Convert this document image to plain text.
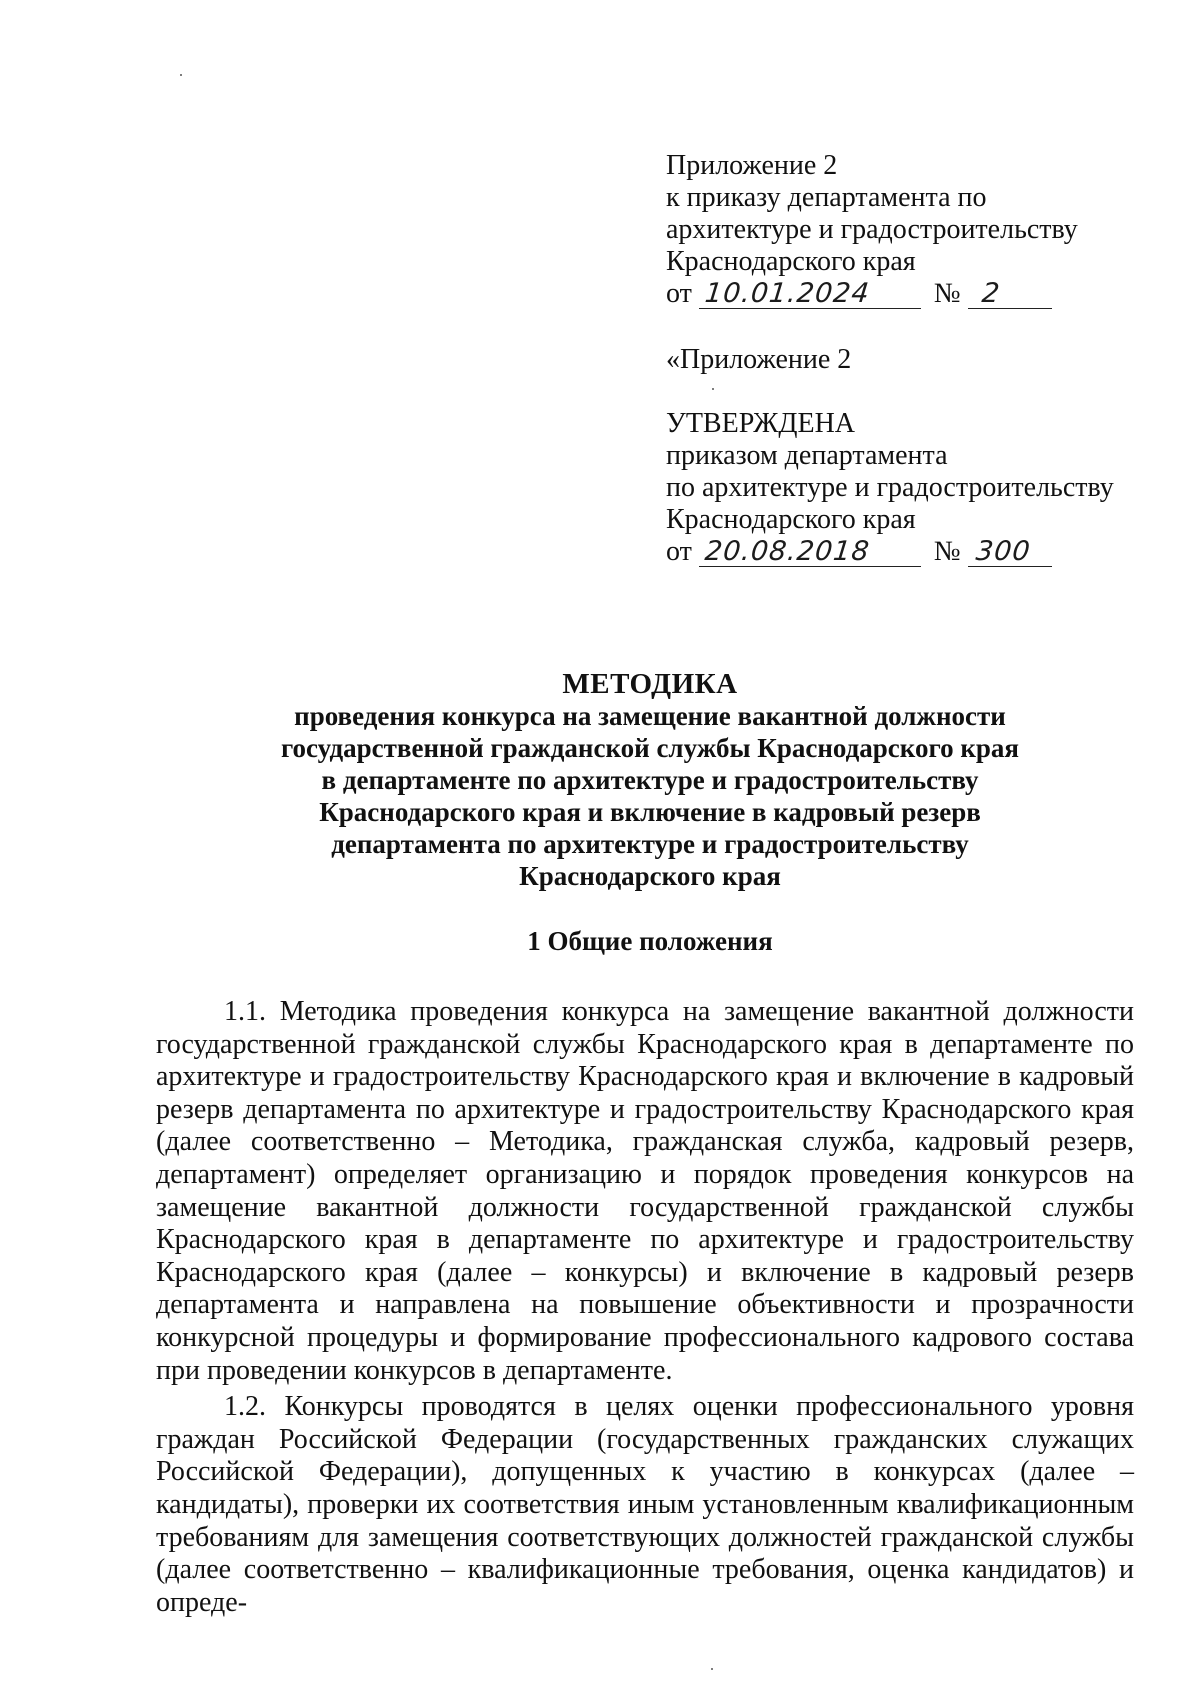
Приложение 2
к приказу департамента по
архитектуре и градостроительству
Краснодарского края
от 10.01.2024 № 2
«Приложение 2
УТВЕРЖДЕНА
приказом департамента
по архитектуре и градостроительству
Краснодарского края
от 20.08.2018 № 300
МЕТОДИКА
проведения конкурса на замещение вакантной должности
государственной гражданской службы Краснодарского края
в департаменте по архитектуре и градостроительству
Краснодарского края и включение в кадровый резерв
департамента по архитектуре и градостроительству
Краснодарского края
1 Общие положения

1.1. Методика проведения конкурса на замещение вакантной должности государственной гражданской службы Краснодарского края в департаменте по архитектуре и градостроительству Краснодарского края и включение в кадровый резерв департамента по архитектуре и градостроительству Краснодарского края (далее соответственно – Методика, гражданская служба, кадровый резерв, департамент) определяет организацию и порядок проведения конкурсов на замещение вакантной должности государственной гражданской службы Краснодарского края в департаменте по архитектуре и градостроительству Краснодарского края (далее – конкурсы) и включение в кадровый резерв департамента и направлена на повышение объективности и прозрачности конкурсной процедуры и формирование профессионального кадрового состава при проведении конкурсов в департаменте.

1.2. Конкурсы проводятся в целях оценки профессионального уровня граждан Российской Федерации (государственных гражданских служащих Российской Федерации), допущенных к участию в конкурсах (далее – кандидаты), проверки их соответствия иным установленным квалификационным требованиям для замещения соответствующих должностей гражданской службы (далее соответственно – квалификационные требования, оценка кандидатов) и опреде-
